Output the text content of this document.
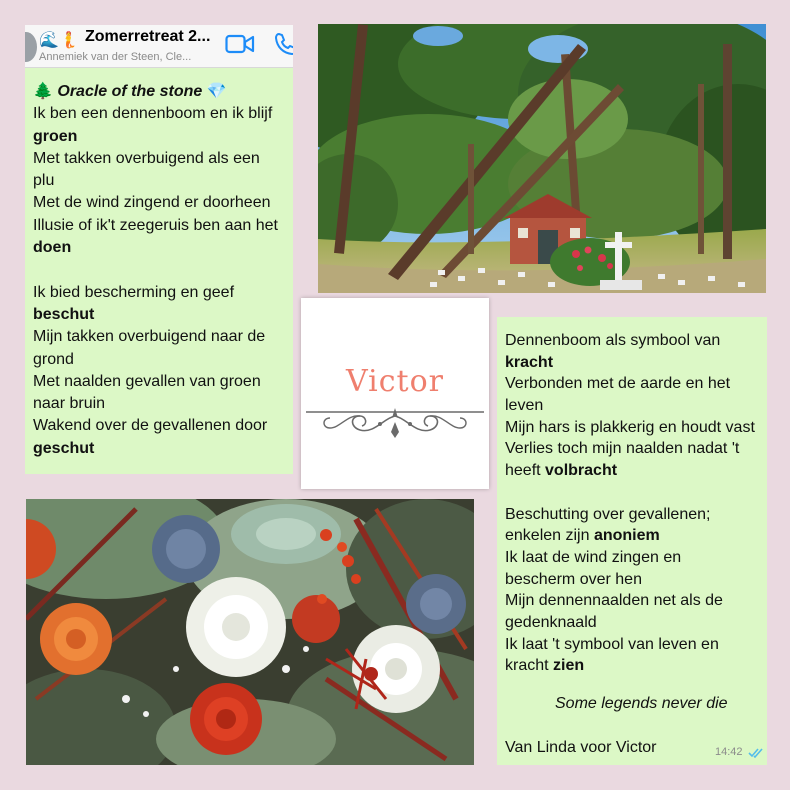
🌊🧜 Zomerretreat 2...
Annemiek van der Steen, Cle...
🌲 Oracle of the stone 💎
Ik ben een dennenboom en ik blijf
groen
Met takken overbuigend als een
plu
Met de wind zingend er doorheen
Illusie of ik't zeegeruis ben aan het
doen
Ik bied bescherming en geef
beschut
Mijn takken overbuigend naar de
grond
Met naalden gevallen van groen
naar bruin
Wakend over de gevallenen door
geschut
Victor
Dennenboom als symbool van
kracht
Verbonden met de aarde en het
leven
Mijn hars is plakkerig en houdt vast
Verlies toch mijn naalden nadat 't
heeft volbracht
Beschutting over gevallenen;
enkelen zijn anoniem
Ik laat de wind zingen en
bescherm over hen
Mijn dennennaalden net als de
gedenknaald
Ik laat 't symbool van leven en
kracht zien
Some legends never die
Van Linda voor Victor	14:42
